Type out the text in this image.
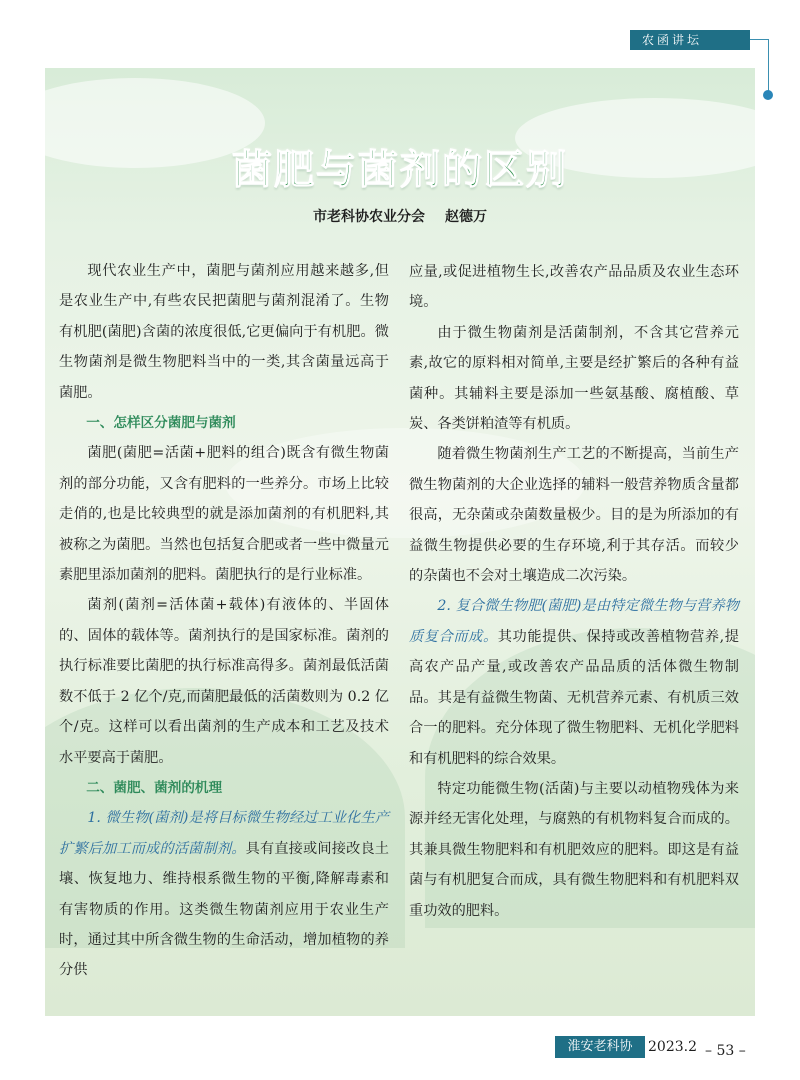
农函讲坛
菌肥与菌剂的区别
市老科协农业分会 赵德万

现代农业生产中，菌肥与菌剂应用越来越多,但是农业生产中,有些农民把菌肥与菌剂混淆了。生物有机肥(菌肥)含菌的浓度很低,它更偏向于有机肥。微生物菌剂是微生物肥料当中的一类,其含菌量远高于菌肥。

一、怎样区分菌肥与菌剂

菌肥(菌肥=活菌+肥料的组合)既含有微生物菌剂的部分功能，又含有肥料的一些养分。市场上比较走俏的,也是比较典型的就是添加菌剂的有机肥料,其被称之为菌肥。当然也包括复合肥或者一些中微量元素肥里添加菌剂的肥料。菌肥执行的是行业标准。

菌剂(菌剂=活体菌+载体)有液体的、半固体的、固体的载体等。菌剂执行的是国家标准。菌剂的执行标准要比菌肥的执行标准高得多。菌剂最低活菌数不低于 2 亿个/克,而菌肥最低的活菌数则为 0.2 亿个/克。这样可以看出菌剂的生产成本和工艺及技术水平要高于菌肥。

二、菌肥、菌剂的机理

1. 微生物(菌剂)是将目标微生物经过工业化生产扩繁后加工而成的活菌制剂。具有直接或间接改良土壤、恢复地力、维持根系微生物的平衡,降解毒素和有害物质的作用。这类微生物菌剂应用于农业生产时，通过其中所含微生物的生命活动，增加植物的养分供

应量,或促进植物生长,改善农产品品质及农业生态环境。

由于微生物菌剂是活菌制剂，不含其它营养元素,故它的原料相对简单,主要是经扩繁后的各种有益菌种。其辅料主要是添加一些氨基酸、腐植酸、草炭、各类饼粕渣等有机质。

随着微生物菌剂生产工艺的不断提高，当前生产微生物菌剂的大企业选择的辅料一般营养物质含量都很高，无杂菌或杂菌数量极少。目的是为所添加的有益微生物提供必要的生存环境,利于其存活。而较少的杂菌也不会对土壤造成二次污染。

2. 复合微生物肥(菌肥)是由特定微生物与营养物质复合而成。其功能提供、保持或改善植物营养,提高农产品产量,或改善农产品品质的活体微生物制品。其是有益微生物菌、无机营养元素、有机质三效合一的肥料。充分体现了微生物肥料、无机化学肥料和有机肥料的综合效果。

特定功能微生物(活菌)与主要以动植物残体为来源并经无害化处理，与腐熟的有机物料复合而成的。其兼具微生物肥料和有机肥效应的肥料。即这是有益菌与有机肥复合而成，具有微生物肥料和有机肥料双重功效的肥料。

淮安老科协	2023.2 – 53 –
